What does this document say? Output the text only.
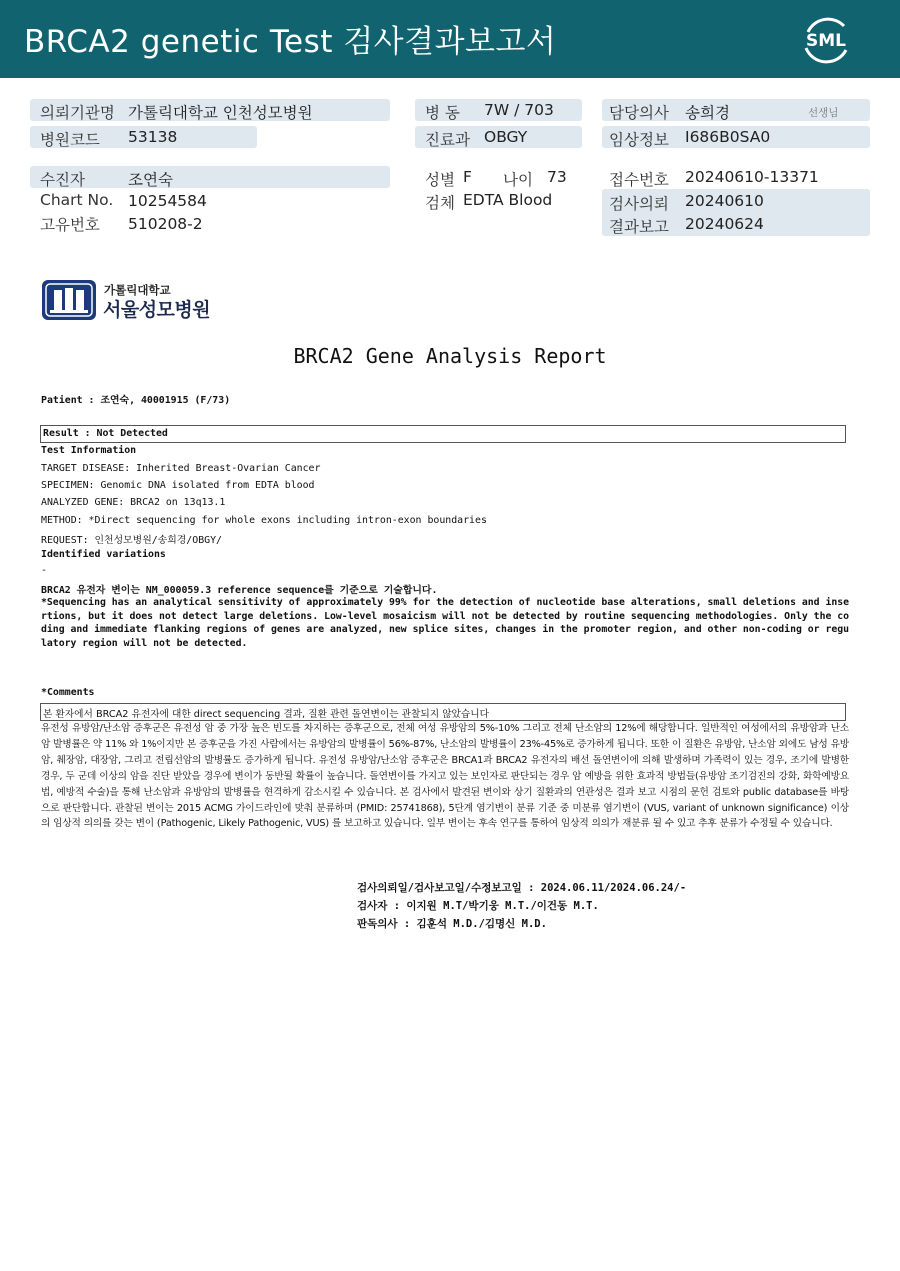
BRCA2 genetic Test 검사결과보고서	SML
의뢰기관명 가톨릭대학교 인천성모병원
병원코드 53138
병 동 7W / 703
진료과 OBGY
담당의사 송희경	선생님
임상정보 I686B0SA0
수진자	조연숙
Chart No. 10254584
고유번호 510208-2
성별 F 나이 73
검체 EDTA Blood
접수번호 20240610-13371
검사의뢰 20240610
결과보고 20240624
가톨릭대학교
서울성모병원
BRCA2 Gene Analysis Report
Patient : 조연숙, 40001915 (F/73)
Result : Not Detected
Test Information
TARGET DISEASE: Inherited Breast-Ovarian Cancer
SPECIMEN: Genomic DNA isolated from EDTA blood
ANALYZED GENE: BRCA2 on 13q13.1
METHOD: *Direct sequencing for whole exons including intron-exon boundaries
REQUEST: 인천성모병원/송희경/OBGY/
Identified variations
-
BRCA2 유전자 변이는 NM_000059.3 reference sequence를 기준으로 기술합니다.
*Sequencing has an analytical sensitivity of approximately 99% for the detection of nucleotide base alterations, small deletions and insertions, but it does not detect large deletions. Low-level mosaicism will not be detected by routine sequencing methodologies. Only the coding and immediate flanking regions of genes are analyzed, new splice sites, changes in the promoter region, and other non-coding or regulatory region will not be detected.
*Comments
본 환자에서 BRCA2 유전자에 대한 direct sequencing 결과, 질환 관련 돌연변이는 관찰되지 않았습니다
유전성 유방암/난소암 증후군은 유전성 암 중 가장 높은 빈도를 차지하는 증후군으로, 전체 여성 유방암의 5%-10% 그리고 전체 난소암의 12%에 해당합니다. 일반적인 여성에서의 유방암과 난소암 발병률은 약 11% 와 1%이지만 본 증후군을 가진 사람에서는 유방암의 발병률이 56%-87%, 난소암의 발병률이 23%-45%로 증가하게 됩니다. 또한 이 질환은 유방암, 난소암 외에도 남성 유방암, 췌장암, 대장암, 그리고 전립선암의 발병률도 증가하게 됩니다. 유전성 유방암/난소암 증후군은 BRCA1과 BRCA2 유전자의 배선 돌연변이에 의해 발생하며 가족력이 있는 경우, 조기에 발병한 경우, 두 군데 이상의 암을 진단 받았을 경우에 변이가 동반될 확률이 높습니다. 돌연변이를 가지고 있는 보인자로 판단되는 경우 암 예방을 위한 효과적 방법들(유방암 조기검진의 강화, 화학예방요법, 예방적 수술)을 통해 난소암과 유방암의 발병률을 현격하게 감소시킬 수 있습니다. 본 검사에서 발견된 변이와 상기 질환과의 연관성은 결과 보고 시점의 문헌 검토와 public database를 바탕으로 판단합니다. 관찰된 변이는 2015 ACMG 가이드라인에 맞춰 분류하며 (PMID: 25741868), 5단계 염기변이 분류 기준 중 미분류 염기변이 (VUS, variant of unknown significance) 이상의 임상적 의의를 갖는 변이 (Pathogenic, Likely Pathogenic, VUS) 를 보고하고 있습니다. 일부 변이는 후속 연구를 통하여 임상적 의의가 재분류 될 수 있고 추후 분류가 수정될 수 있습니다.
검사의뢰일/검사보고일/수정보고일 : 2024.06.11/2024.06.24/-
검사자 : 이지원 M.T/박기웅 M.T./이건동 M.T.
판독의사 : 김훈석 M.D./김명신 M.D.
